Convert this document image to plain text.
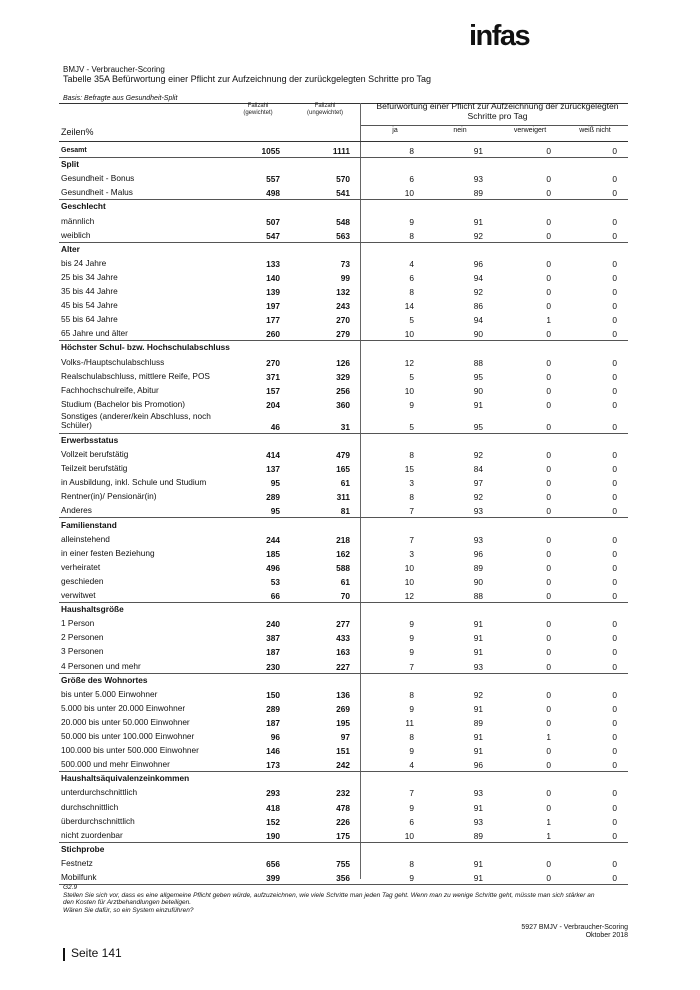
infas
BMJV - Verbraucher-Scoring
Tabelle 35A Befürwortung einer Pflicht zur Aufzeichnung der zurückgelegten Schritte pro Tag
Basis: Befragte aus Gesundheit-Split
Fallzahl
(gewichtet)
Fallzahl
(ungewichtet)
Befürwortung einer Pflicht zur Aufzeichnung der zurückgelegten
Schritte pro Tag
Zeilen%	ja	nein	verweigert	weiß nicht
Gesamt	1055	1111	8	91	0	0
Split
Gesundheit - Bonus	557	570	6	93	0	0
Gesundheit - Malus	498	541	10	89	0	0
Geschlecht
männlich	507	548	9	91	0	0
weiblich	547	563	8	92	0	0
Alter
bis 24 Jahre	133	73	4	96	0	0
25 bis 34 Jahre	140	99	6	94	0	0
35 bis 44 Jahre	139	132	8	92	0	0
45 bis 54 Jahre	197	243	14	86	0	0
55 bis 64 Jahre	177	270	5	94	1	0
65 Jahre und älter	260	279	10	90	0	0
Höchster Schul- bzw. Hochschulabschluss
Volks-/Hauptschulabschluss	270	126	12	88	0	0
Realschulabschluss, mittlere Reife, POS	371	329	5	95	0	0
Fachhochschulreife, Abitur	157	256	10	90	0	0
Studium (Bachelor bis Promotion)	204	360	9	91	0	0
Sonstiges (anderer/kein Abschluss, noch
Schüler)	46	31	5	95	0	0
Erwerbsstatus
Vollzeit berufstätig	414	479	8	92	0	0
Teilzeit berufstätig	137	165	15	84	0	0
in Ausbildung, inkl. Schule und Studium	95	61	3	97	0	0
Rentner(in)/ Pensionär(in)	289	311	8	92	0	0
Anderes	95	81	7	93	0	0
Familienstand
alleinstehend	244	218	7	93	0	0
in einer festen Beziehung	185	162	3	96	0	0
verheiratet	496	588	10	89	0	0
geschieden	53	61	10	90	0	0
verwitwet	66	70	12	88	0	0
Haushaltsgröße
1 Person	240	277	9	91	0	0
2 Personen	387	433	9	91	0	0
3 Personen	187	163	9	91	0	0
4 Personen und mehr	230	227	7	93	0	0
Größe des Wohnortes
bis unter 5.000 Einwohner	150	136	8	92	0	0
5.000 bis unter 20.000 Einwohner	289	269	9	91	0	0
20.000 bis unter 50.000 Einwohner	187	195	11	89	0	0
50.000 bis unter 100.000 Einwohner	96	97	8	91	1	0
100.000 bis unter 500.000 Einwohner	146	151	9	91	0	0
500.000 und mehr Einwohner	173	242	4	96	0	0
Haushaltsäquivalenzeinkommen
unterdurchschnittlich	293	232	7	93	0	0
durchschnittlich	418	478	9	91	0	0
überdurchschnittlich	152	226	6	93	1	0
nicht zuordenbar	190	175	10	89	1	0
Stichprobe
Festnetz	656	755	8	91	0	0
Mobilfunk	399	356	9	91	0	0
G2.9
Stellen Sie sich vor, dass es eine allgemeine Pflicht geben würde, aufzuzeichnen, wie viele Schritte man jeden Tag geht. Wenn man zu wenige Schritte geht, müsste man sich stärker an
den Kosten für Arztbehandlungen beteiligen.
Wären Sie dafür, so ein System einzuführen?
5927 BMJV - Verbraucher-Scoring
Oktober 2018
Seite 141
